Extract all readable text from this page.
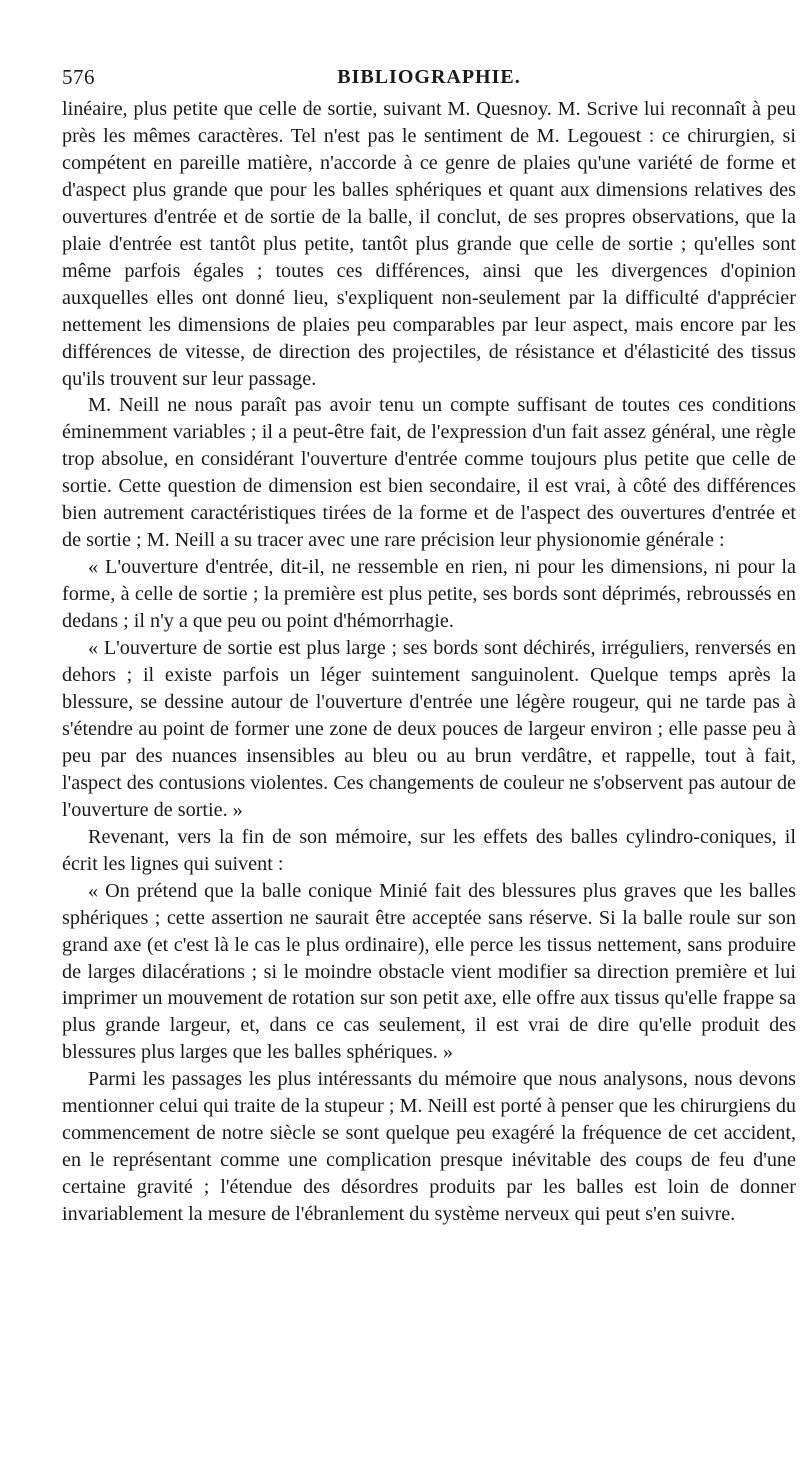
576	BIBLIOGRAPHIE.

linéaire, plus petite que celle de sortie, suivant M. Quesnoy. M. Scrive lui reconnaît à peu près les mêmes caractères. Tel n'est pas le sentiment de M. Legouest : ce chirurgien, si compétent en pareille matière, n'accorde à ce genre de plaies qu'une variété de forme et d'aspect plus grande que pour les balles sphériques et quant aux dimensions relatives des ouvertures d'entrée et de sortie de la balle, il conclut, de ses propres observations, que la plaie d'entrée est tantôt plus petite, tantôt plus grande que celle de sortie ; qu'elles sont même parfois égales ; toutes ces différences, ainsi que les divergences d'opinion auxquelles elles ont donné lieu, s'expliquent non-seulement par la difficulté d'apprécier nettement les dimensions de plaies peu comparables par leur aspect, mais encore par les différences de vitesse, de direction des projectiles, de résistance et d'élasticité des tissus qu'ils trouvent sur leur passage.

M. Neill ne nous paraît pas avoir tenu un compte suffisant de toutes ces conditions éminemment variables ; il a peut-être fait, de l'expression d'un fait assez général, une règle trop absolue, en considérant l'ouverture d'entrée comme toujours plus petite que celle de sortie. Cette question de dimension est bien secondaire, il est vrai, à côté des différences bien autrement caractéristiques tirées de la forme et de l'aspect des ouvertures d'entrée et de sortie ; M. Neill a su tracer avec une rare précision leur physionomie générale :

« L'ouverture d'entrée, dit-il, ne ressemble en rien, ni pour les dimensions, ni pour la forme, à celle de sortie ; la première est plus petite, ses bords sont déprimés, rebroussés en dedans ; il n'y a que peu ou point d'hémorrhagie.

« L'ouverture de sortie est plus large ; ses bords sont déchirés, irréguliers, renversés en dehors ; il existe parfois un léger suintement sanguinolent. Quelque temps après la blessure, se dessine autour de l'ouverture d'entrée une légère rougeur, qui ne tarde pas à s'étendre au point de former une zone de deux pouces de largeur environ ; elle passe peu à peu par des nuances insensibles au bleu ou au brun verdâtre, et rappelle, tout à fait, l'aspect des contusions violentes. Ces changements de couleur ne s'observent pas autour de l'ouverture de sortie. »

Revenant, vers la fin de son mémoire, sur les effets des balles cylindro-coniques, il écrit les lignes qui suivent :

« On prétend que la balle conique Minié fait des blessures plus graves que les balles sphériques ; cette assertion ne saurait être acceptée sans réserve. Si la balle roule sur son grand axe (et c'est là le cas le plus ordinaire), elle perce les tissus nettement, sans produire de larges dilacérations ; si le moindre obstacle vient modifier sa direction première et lui imprimer un mouvement de rotation sur son petit axe, elle offre aux tissus qu'elle frappe sa plus grande largeur, et, dans ce cas seulement, il est vrai de dire qu'elle produit des blessures plus larges que les balles sphériques. »

Parmi les passages les plus intéressants du mémoire que nous analysons, nous devons mentionner celui qui traite de la stupeur ; M. Neill est porté à penser que les chirurgiens du commencement de notre siècle se sont quelque peu exagéré la fréquence de cet accident, en le représentant comme une complication presque inévitable des coups de feu d'une certaine gravité ; l'étendue des désordres produits par les balles est loin de donner invariablement la mesure de l'ébranlement du système nerveux qui peut s'en suivre.
